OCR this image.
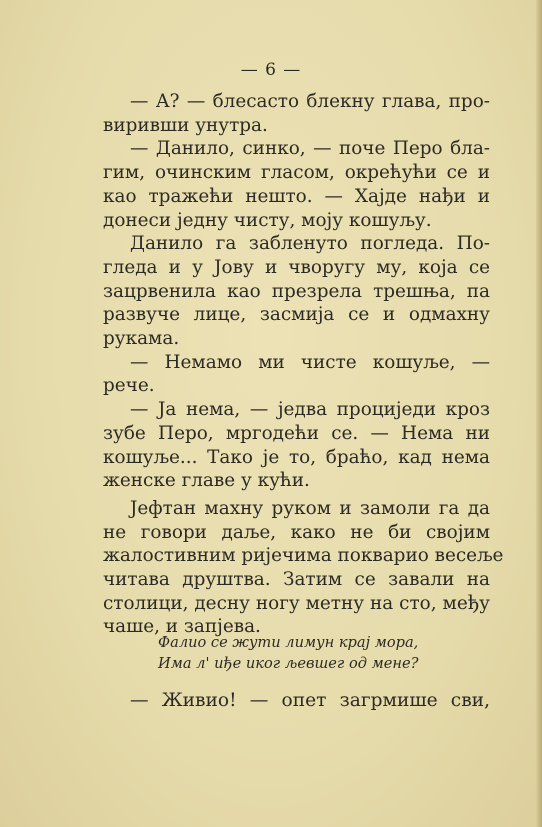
— 6 —
— А? — блесасто блекну глава, про-
виривши унутра.
— Данило, синко, — поче Перо бла-
гим, очинским гласом, окрећући се и
као тражећи нешто. — Хајде нађи и
донеси једну чисту, моју кошуљу.
Данило га забленуто погледа. По-
гледа и у Јову и чворугу му, која се
зацрвенила као презрела трешња, па
развуче лице, засмија се и одмахну
рукама.
— Немамо ми чисте кошуље, —
рече.
— Ја нема, — једва проциједи кроз
зубе Перо, мргодећи се. — Нема ни
кошуље... Тако је то, браћо, кад нема
женске главе у кући.
Јефтан махну руком и замоли га да
не говори даље, како не би својим
жалостивним ријечима покварио весеље
читава друштва. Затим се завали на
столици, десну ногу метну на сто, међу
чаше, и запјева.
Фалио се жути лимун крај мора,
Има л' иђе иког љевшег од мене?
— Живио! — опет загрмише сви,
